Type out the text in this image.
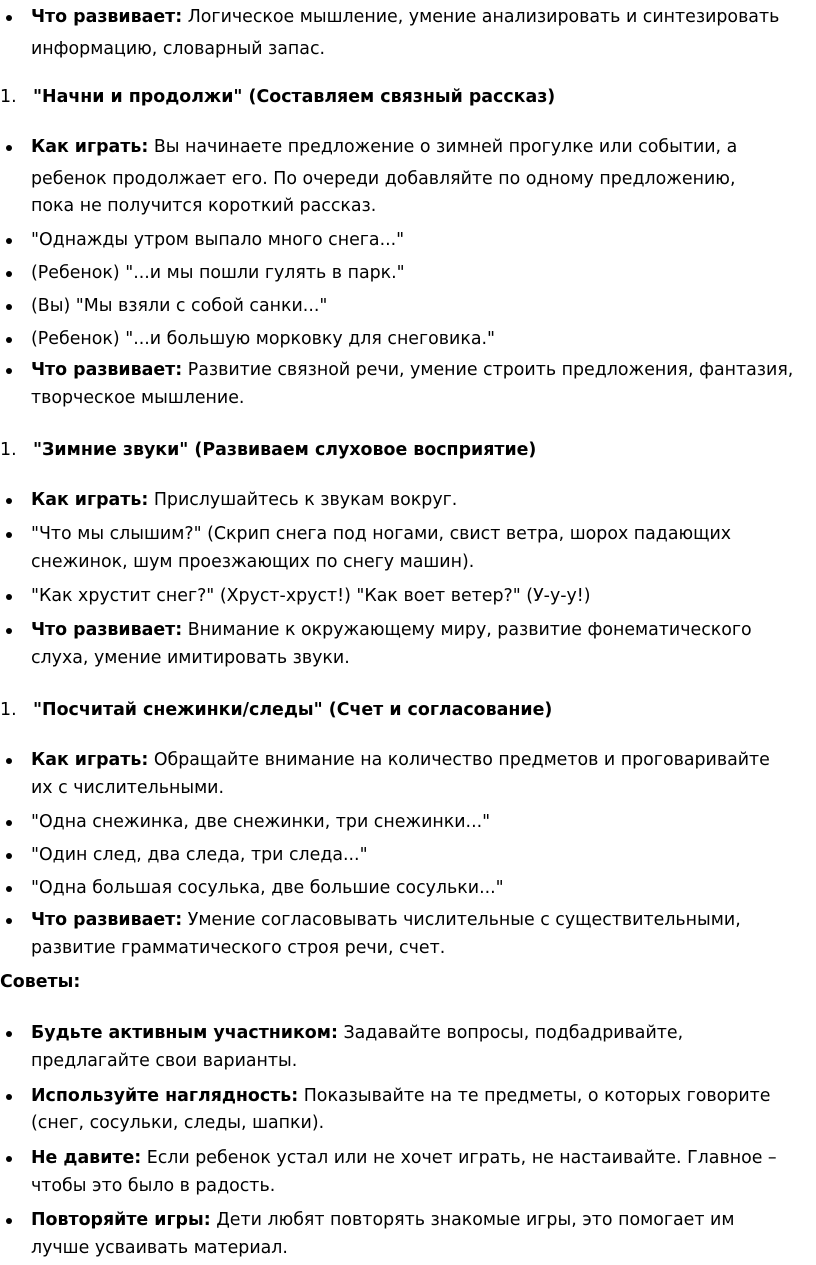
Что развивает: Логическое мышление, умение анализировать и синтезировать
информацию, словарный запас.
1. "Начни и продолжи" (Составляем связный рассказ)
Как играть: Вы начинаете предложение о зимней прогулке или событии, а
ребенок продолжает его. По очереди добавляйте по одному предложению,
пока не получится короткий рассказ.
"Однажды утром выпало много снега..."
(Ребенок) "...и мы пошли гулять в парк."
(Вы) "Мы взяли с собой санки..."
(Ребенок) "...и большую морковку для снеговика."
Что развивает: Развитие связной речи, умение строить предложения, фантазия,
творческое мышление.
1. "Зимние звуки" (Развиваем слуховое восприятие)
Как играть: Прислушайтесь к звукам вокруг.
"Что мы слышим?" (Скрип снега под ногами, свист ветра, шорох падающих
снежинок, шум проезжающих по снегу машин).
"Как хрустит снег?" (Хруст-хруст!) "Как воет ветер?" (У-у-у!)
Что развивает: Внимание к окружающему миру, развитие фонематического
слуха, умение имитировать звуки.
1. "Посчитай снежинки/следы" (Счет и согласование)
Как играть: Обращайте внимание на количество предметов и проговаривайте
их с числительными.
"Одна снежинка, две снежинки, три снежинки..."
"Один след, два следа, три следа..."
"Одна большая сосулька, две большие сосульки..."
Что развивает: Умение согласовывать числительные с существительными,
развитие грамматического строя речи, счет.
Советы:
Будьте активным участником: Задавайте вопросы, подбадривайте,
предлагайте свои варианты.
Используйте наглядность: Показывайте на те предметы, о которых говорите
(снег, сосульки, следы, шапки).
Не давите: Если ребенок устал или не хочет играть, не настаивайте. Главное –
чтобы это было в радость.
Повторяйте игры: Дети любят повторять знакомые игры, это помогает им
лучше усваивать материал.
